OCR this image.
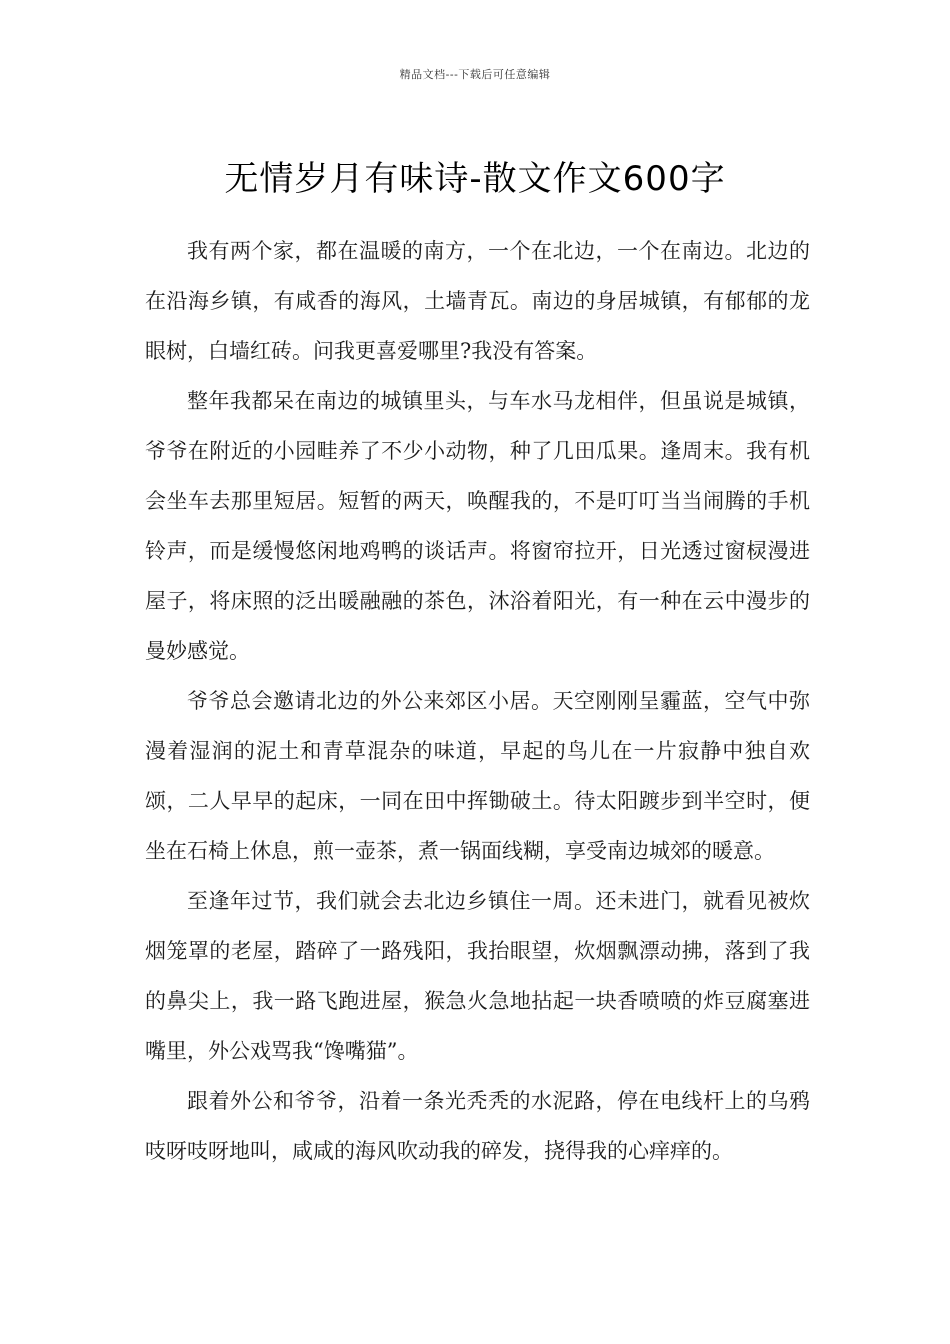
精品文档---下载后可任意编辑
无情岁月有味诗-散文作文600字

我有两个家，都在温暖的南方，一个在北边，一个在南边。北边的在沿海乡镇，有咸香的海风，土墙青瓦。南边的身居城镇，有郁郁的龙眼树，白墙红砖。问我更喜爱哪里?我没有答案。

整年我都呆在南边的城镇里头，与车水马龙相伴，但虽说是城镇，爷爷在附近的小园畦养了不少小动物，种了几田瓜果。逢周末。我有机会坐车去那里短居。短暂的两天，唤醒我的，不是叮叮当当闹腾的手机铃声，而是缓慢悠闲地鸡鸭的谈话声。将窗帘拉开，日光透过窗棂漫进屋子，将床照的泛出暖融融的茶色，沐浴着阳光，有一种在云中漫步的曼妙感觉。

爷爷总会邀请北边的外公来郊区小居。天空刚刚呈霾蓝，空气中弥漫着湿润的泥土和青草混杂的味道，早起的鸟儿在一片寂静中独自欢颂，二人早早的起床，一同在田中挥锄破土。待太阳踱步到半空时，便坐在石椅上休息，煎一壶茶，煮一锅面线糊，享受南边城郊的暖意。

至逢年过节，我们就会去北边乡镇住一周。还未进门，就看见被炊烟笼罩的老屋，踏碎了一路残阳，我抬眼望，炊烟飘漂动拂，落到了我的鼻尖上，我一路飞跑进屋，猴急火急地拈起一块香喷喷的炸豆腐塞进嘴里，外公戏骂我“馋嘴猫”。

跟着外公和爷爷，沿着一条光秃秃的水泥路，停在电线杆上的乌鸦吱呀吱呀地叫，咸咸的海风吹动我的碎发，挠得我的心痒痒的。
